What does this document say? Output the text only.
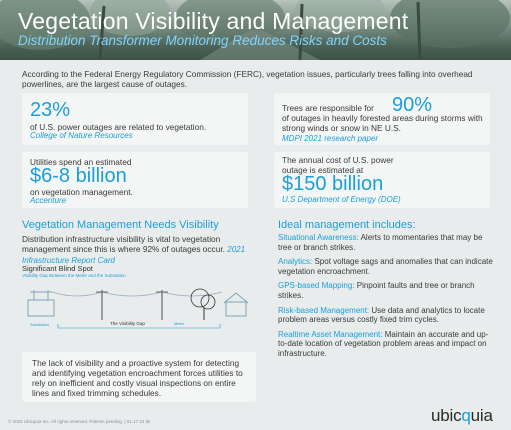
Vegetation Visibility and Management
Distribution Transformer Monitoring Reduces Risks and Costs

According to the Federal Energy Regulatory Commission (FERC), vegetation issues, particularly trees falling into overhead powerlines, are the largest cause of outages.

23%
of U.S. power outages are related to vegetation.
College of Nature Resources
Trees are responsible for 90%
of outages in heavily forested areas during storms with strong winds or snow in NE U.S.
MDPI 2021 research paper
Utilities spend an estimated
$6-8 billion
on vegetation management.
Accenture
The annual cost of U.S. power outage is estimated at
$150 billion
U.S Department of Energy (DOE)
Vegetation Management Needs Visibility
Distribution infrastructure visibility is vital to vegetation management since this is where 92% of outages occur. 2021 Infrastructure Report Card
Significant Blind Spot
Visibility Gap Between the Meter and the Substation
Substation	The Visibility Gap	Meter

The lack of visibility and a proactive system for detecting and identifying vegetation encroachment forces utilities to rely on inefficient and costly visual inspections on entire lines and fixed trimming schedules.

Ideal management includes:
Situational Awareness: Alerts to momentaries that may be tree or branch strikes.
Analytics: Spot voltage sags and anomalies that can indicate vegetation encroachment.
GPS-based Mapping: Pinpoint faults and tree or branch strikes.
Risk-based Management: Use data and analytics to locate problem areas versus costly fixed trim cycles.
Realtime Asset Management: Maintain an accurate and up-to-date location of vegetation problem areas and impact on infrastructure.
© 2024 Ubicquia Inc. All rights reserved. Patents pending. | 01.17.24 IB	ubicquia
